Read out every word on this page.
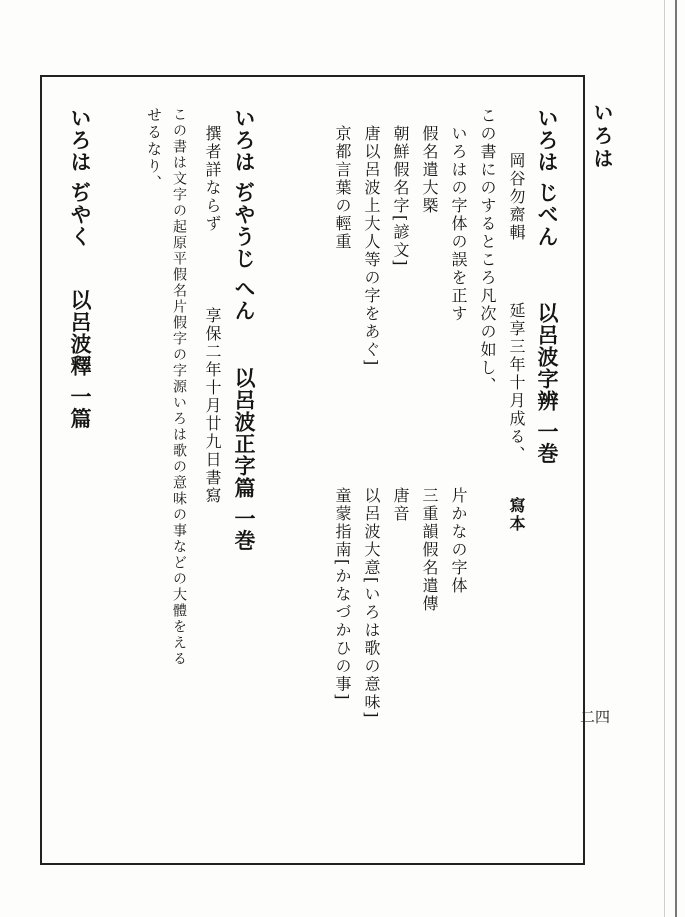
いろは
二四
いろは じべん
以呂波字辨 一巻
岡谷勿齋輯
延享三年十月成る、
寫本
この書にのするところ凡次の如し、
いろはの字体の誤を正す
假名遣大槩
朝鮮假名字[諺文]
唐以呂波上大人等の字をあぐ]
京都言葉の輕重
片かなの字体
三重韻假名遣傳
唐音
以呂波大意[いろは歌の意味]
童蒙指南[かなづかひの事]
いろは ぢやうじ へん
以呂波正字篇 一巻
撰者詳ならず
享保二年十月廿九日書寫
この書は文字の起原平假名片假字の字源いろは歌の意味の事などの大體をえる
せるなり、
いろは ぢやく
以呂波釋 一篇
